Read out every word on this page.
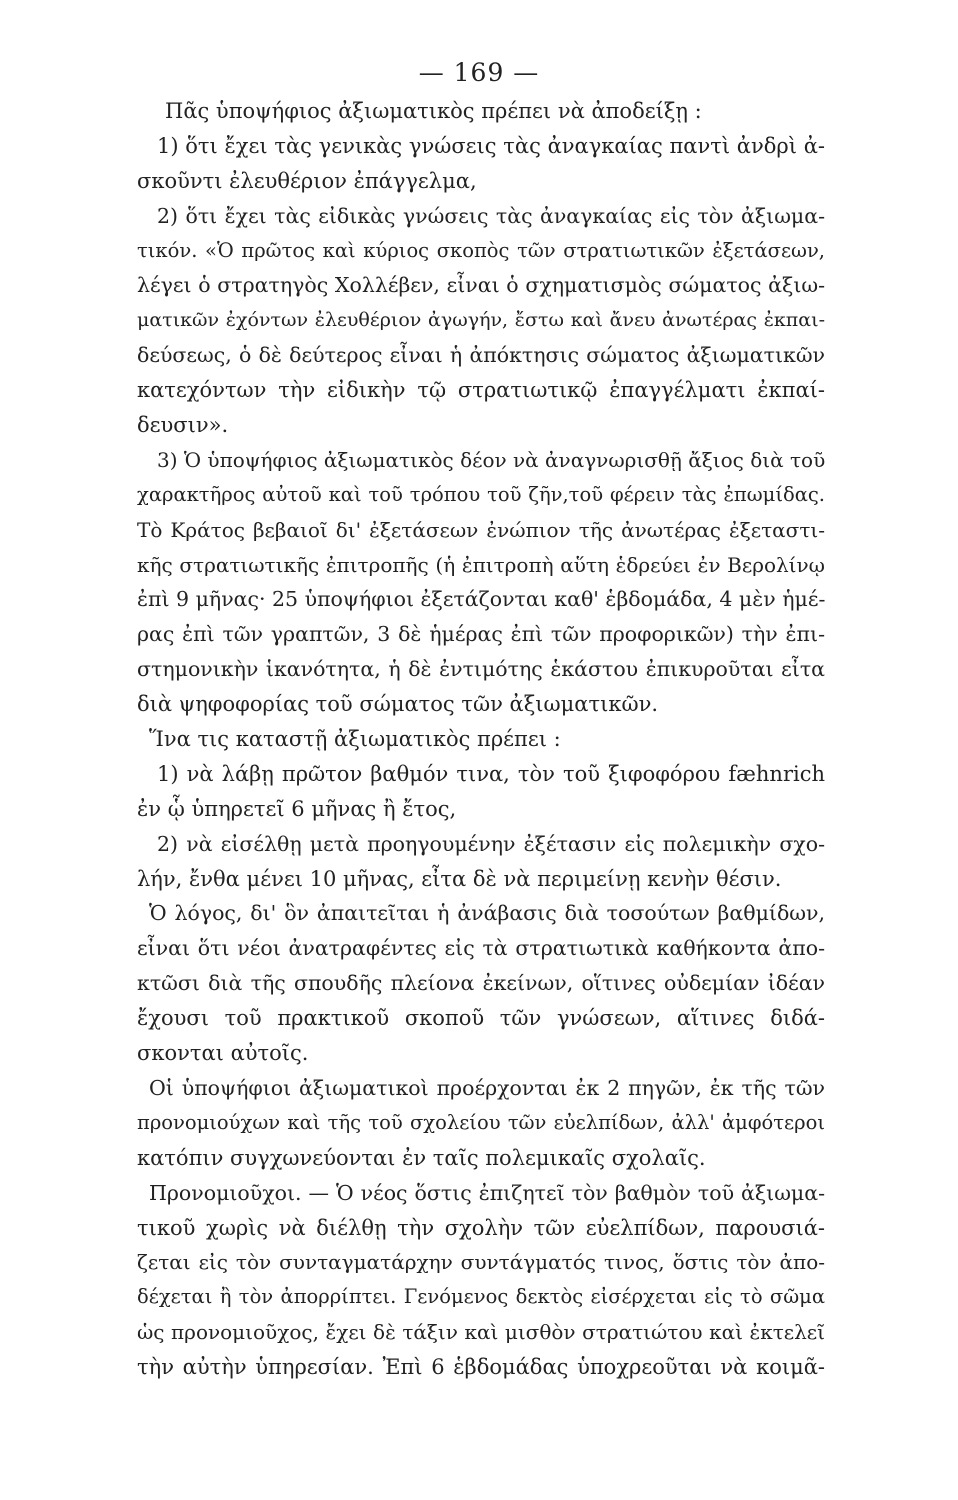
— 169 —
Πᾶς ὑποψήφιος ἀξιωματικὸς πρέπει νὰ ἀποδείξῃ :
1) ὅτι ἔχει τὰς γενικὰς γνώσεις τὰς ἀναγκαίας παντὶ ἀνδρὶ ἀ-
σκοῦντι ἐλευθέριον ἐπάγγελμα,
2) ὅτι ἔχει τὰς εἰδικὰς γνώσεις τὰς ἀναγκαίας εἰς τὸν ἀξιωμα-
τικόν. «Ὁ πρῶτος καὶ κύριος σκοπὸς τῶν στρατιωτικῶν ἐξετάσεων,
λέγει ὁ στρατηγὸς Χολλέβεν, εἶναι ὁ σχηματισμὸς σώματος ἀξιω-
ματικῶν ἐχόντων ἐλευθέριον ἀγωγήν, ἔστω καὶ ἄνευ ἀνωτέρας ἐκπαι-
δεύσεως, ὁ δὲ δεύτερος εἶναι ἡ ἀπόκτησις σώματος ἀξιωματικῶν
κατεχόντων τὴν εἰδικὴν τῷ στρατιωτικῷ ἐπαγγέλματι ἐκπαί-
δευσιν».
3) Ὁ ὑποψήφιος ἀξιωματικὸς δέον νὰ ἀναγνωρισθῇ ἄξιος διὰ τοῦ
χαρακτῆρος αὐτοῦ καὶ τοῦ τρόπου τοῦ ζῆν,τοῦ φέρειν τὰς ἐπωμίδας.
Τὸ Κράτος βεβαιοῖ δι' ἐξετάσεων ἐνώπιον τῆς ἀνωτέρας ἐξεταστι-
κῆς στρατιωτικῆς ἐπιτροπῆς (ἡ ἐπιτροπὴ αὕτη ἑδρεύει ἐν Βερολίνῳ
ἐπὶ 9 μῆνας· 25 ὑποψήφιοι ἐξετάζονται καθ' ἑβδομάδα, 4 μὲν ἡμέ-
ρας ἐπὶ τῶν γραπτῶν, 3 δὲ ἡμέρας ἐπὶ τῶν προφορικῶν) τὴν ἐπι-
στημονικὴν ἱκανότητα, ἡ δὲ ἐντιμότης ἑκάστου ἐπικυροῦται εἶτα
διὰ ψηφοφορίας τοῦ σώματος τῶν ἀξιωματικῶν.
Ἵνα τις καταστῇ ἀξιωματικὸς πρέπει :
1) νὰ λάβῃ πρῶτον βαθμόν τινα, τὸν τοῦ ξιφοφόρου fæhnrich
ἐν ᾧ ὑπηρετεῖ 6 μῆνας ἢ ἔτος,
2) νὰ εἰσέλθῃ μετὰ προηγουμένην ἐξέτασιν εἰς πολεμικὴν σχο-
λήν, ἔνθα μένει 10 μῆνας, εἶτα δὲ νὰ περιμείνῃ κενὴν θέσιν.
Ὁ λόγος, δι' ὃν ἀπαιτεῖται ἡ ἀνάβασις διὰ τοσούτων βαθμίδων,
εἶναι ὅτι νέοι ἀνατραφέντες εἰς τὰ στρατιωτικὰ καθήκοντα ἀπο-
κτῶσι διὰ τῆς σπουδῆς πλείονα ἐκείνων, οἵτινες οὐδεμίαν ἰδέαν
ἔχουσι τοῦ πρακτικοῦ σκοποῦ τῶν γνώσεων, αἵτινες διδά-
σκονται αὐτοῖς.
Οἱ ὑποψήφιοι ἀξιωματικοὶ προέρχονται ἐκ 2 πηγῶν, ἐκ τῆς τῶν
προνομιούχων καὶ τῆς τοῦ σχολείου τῶν εὐελπίδων, ἀλλ' ἀμφότεροι
κατόπιν συγχωνεύονται ἐν ταῖς πολεμικαῖς σχολαῖς.
Προνομιοῦχοι. — Ὁ νέος ὅστις ἐπιζητεῖ τὸν βαθμὸν τοῦ ἀξιωμα-
τικοῦ χωρὶς νὰ διέλθῃ τὴν σχολὴν τῶν εὐελπίδων, παρουσιά-
ζεται εἰς τὸν συνταγματάρχην συντάγματός τινος, ὅστις τὸν ἀπο-
δέχεται ἢ τὸν ἀπορρίπτει. Γενόμενος δεκτὸς εἰσέρχεται εἰς τὸ σῶμα
ὡς προνομιοῦχος, ἔχει δὲ τάξιν καὶ μισθὸν στρατιώτου καὶ ἐκτελεῖ
τὴν αὐτὴν ὑπηρεσίαν. Ἐπὶ 6 ἑβδομάδας ὑποχρεοῦται νὰ κοιμᾶ-
